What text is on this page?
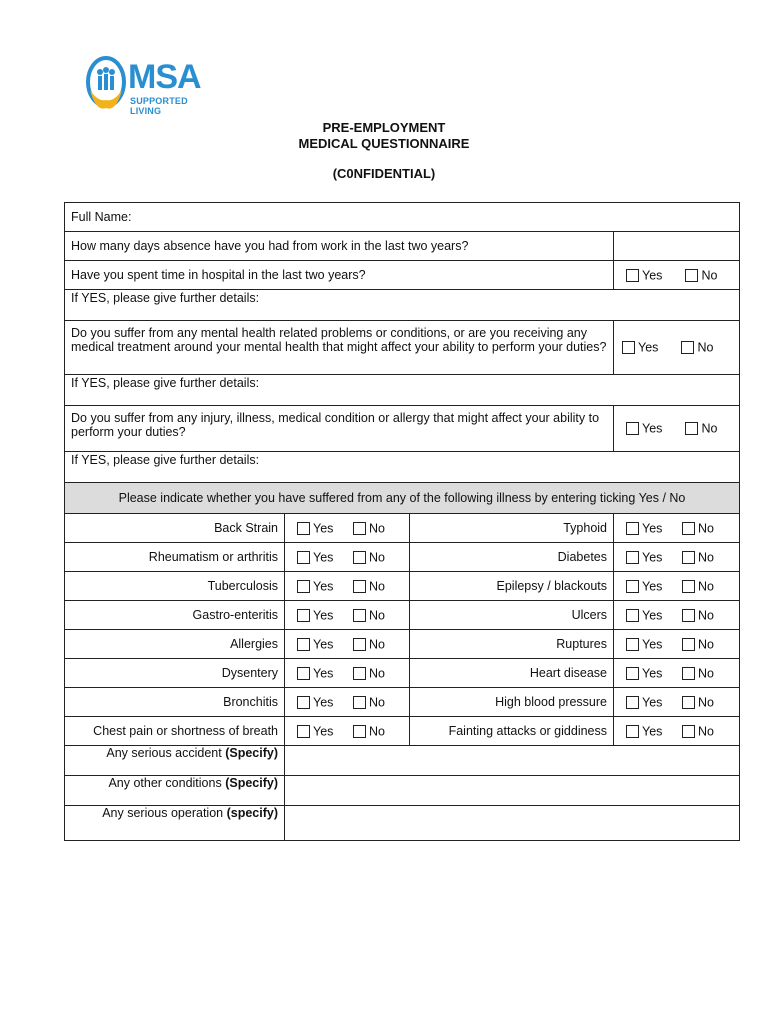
MSA
SUPPORTED LIVING
PRE-EMPLOYMENT
MEDICAL QUESTIONNAIRE
(C0NFIDENTIAL)
Full Name:			
How many days absence have you had from work in the last two years?			
Have you spent time in hospital in the last two years?			Yes No
If YES, please give further details:			
Do you suffer from any mental health related problems or conditions, or are you receiving any medical treatment around your mental health that might affect your ability to perform your duties?			Yes No
If YES, please give further details:			
Do you suffer from any injury, illness, medical condition or allergy that might affect your ability to perform your duties?			Yes No
If YES, please give further details:			
Please indicate whether you have suffered from any of the following illness by entering ticking Yes / No			
Back Strain	Yes No	Typhoid	Yes No
Rheumatism or arthritis	Yes No	Diabetes	Yes No
Tuberculosis	Yes No	Epilepsy / blackouts	Yes No
Gastro-enteritis	Yes No	Ulcers	Yes No
Allergies	Yes No	Ruptures	Yes No
Dysentery	Yes No	Heart disease	Yes No
Bronchitis	Yes No	High blood pressure	Yes No
Chest pain or shortness of breath	Yes No	Fainting attacks or giddiness	Yes No
Any serious accident (Specify)			
Any other conditions (Specify)			
Any serious operation (specify)			
